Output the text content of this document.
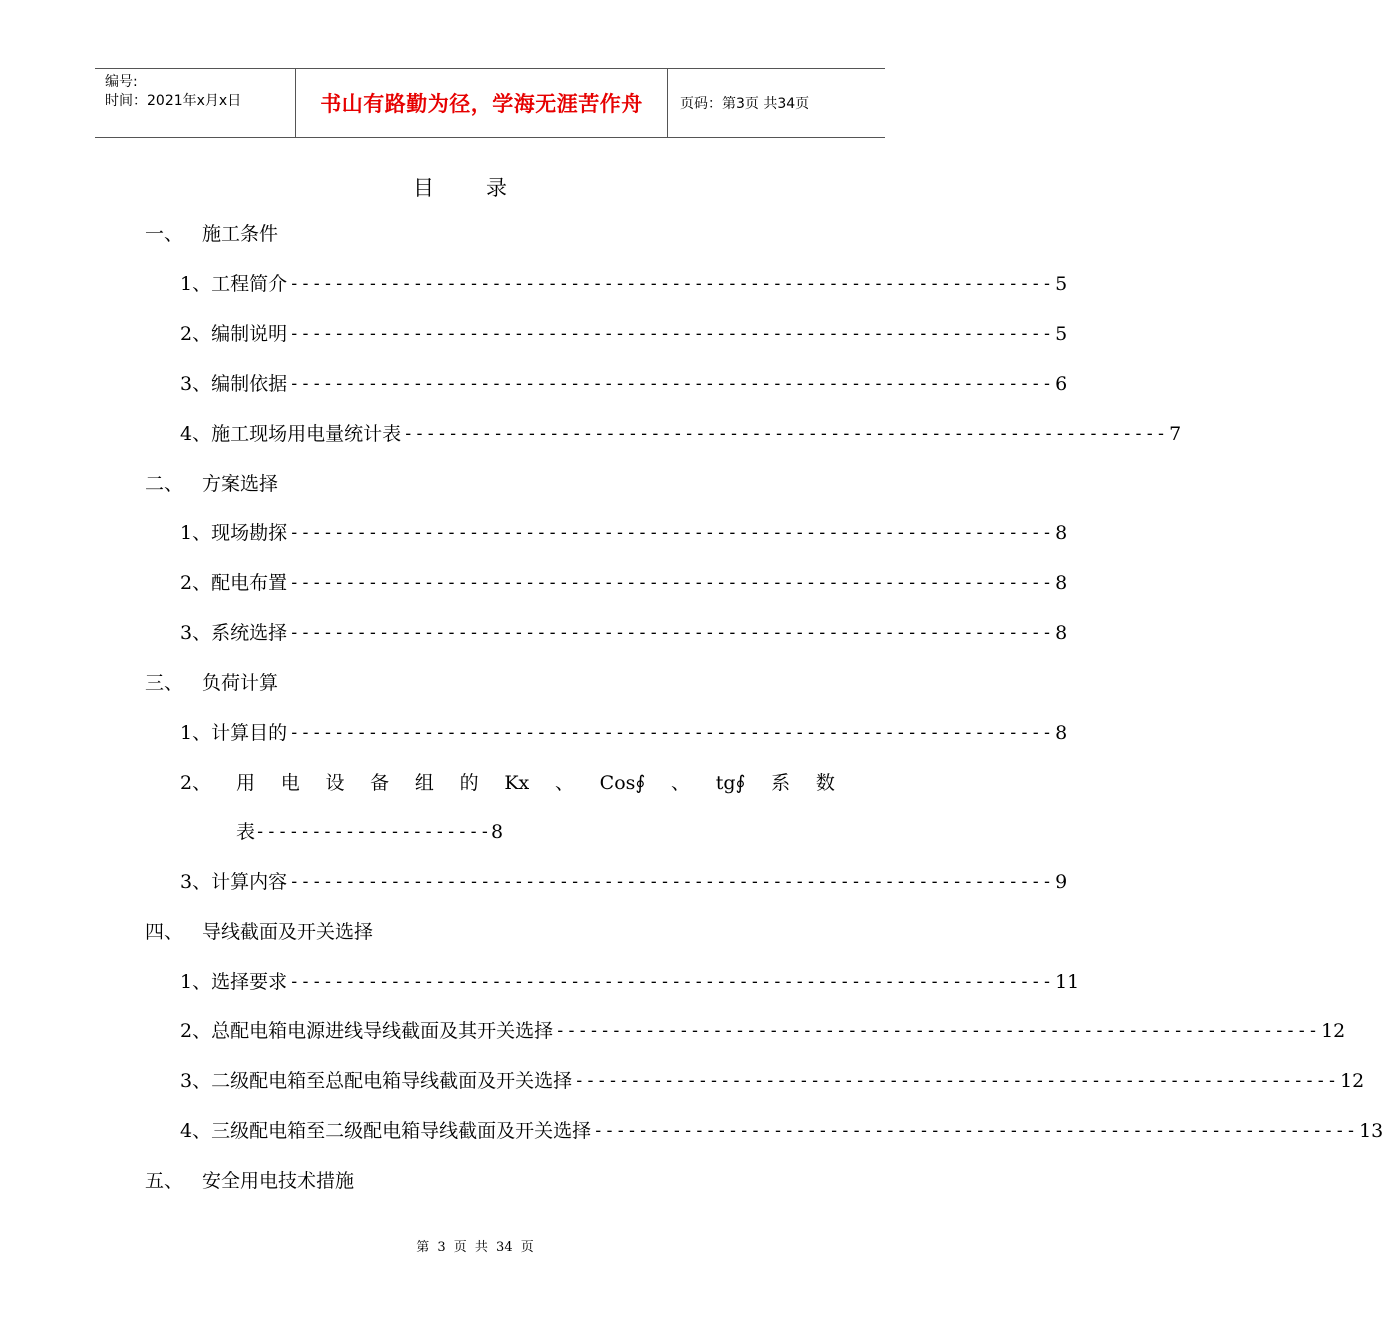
编号:
时间：2021年x月x日	书山有路勤为径，学海无涯苦作舟	页码：第3页 共34页
目录
一、 施工条件
1、 工程简介 -------------------------------------------------------------------- 5
2、 编制说明 -------------------------------------------------------------------- 5
3、 编制依据 -------------------------------------------------------------------- 6
4、 施工现场用电量统计表 -------------------------------------------------------------------- 7
二、 方案选择
1、 现场勘探 -------------------------------------------------------------------- 8
2、 配电布置 -------------------------------------------------------------------- 8
3、 系统选择 -------------------------------------------------------------------- 8
三、 负荷计算
1、 计算目的 -------------------------------------------------------------------- 8
2、	用 电 设 备 组 的 Kx 、 Cos∮ 、 tg∮ 系 数
表 --------------------- 8
3、 计算内容 -------------------------------------------------------------------- 9
四、 导线截面及开关选择
1、 选择要求 -------------------------------------------------------------------- 11
2、 总配电箱电源进线导线截面及其开关选择 -------------------------------------------------------------------- 12
3、 二级配电箱至总配电箱导线截面及开关选择 -------------------------------------------------------------------- 12
4、 三级配电箱至二级配电箱导线截面及开关选择 -------------------------------------------------------------------- 13
五、 安全用电技术措施
第 3 页 共 34 页
